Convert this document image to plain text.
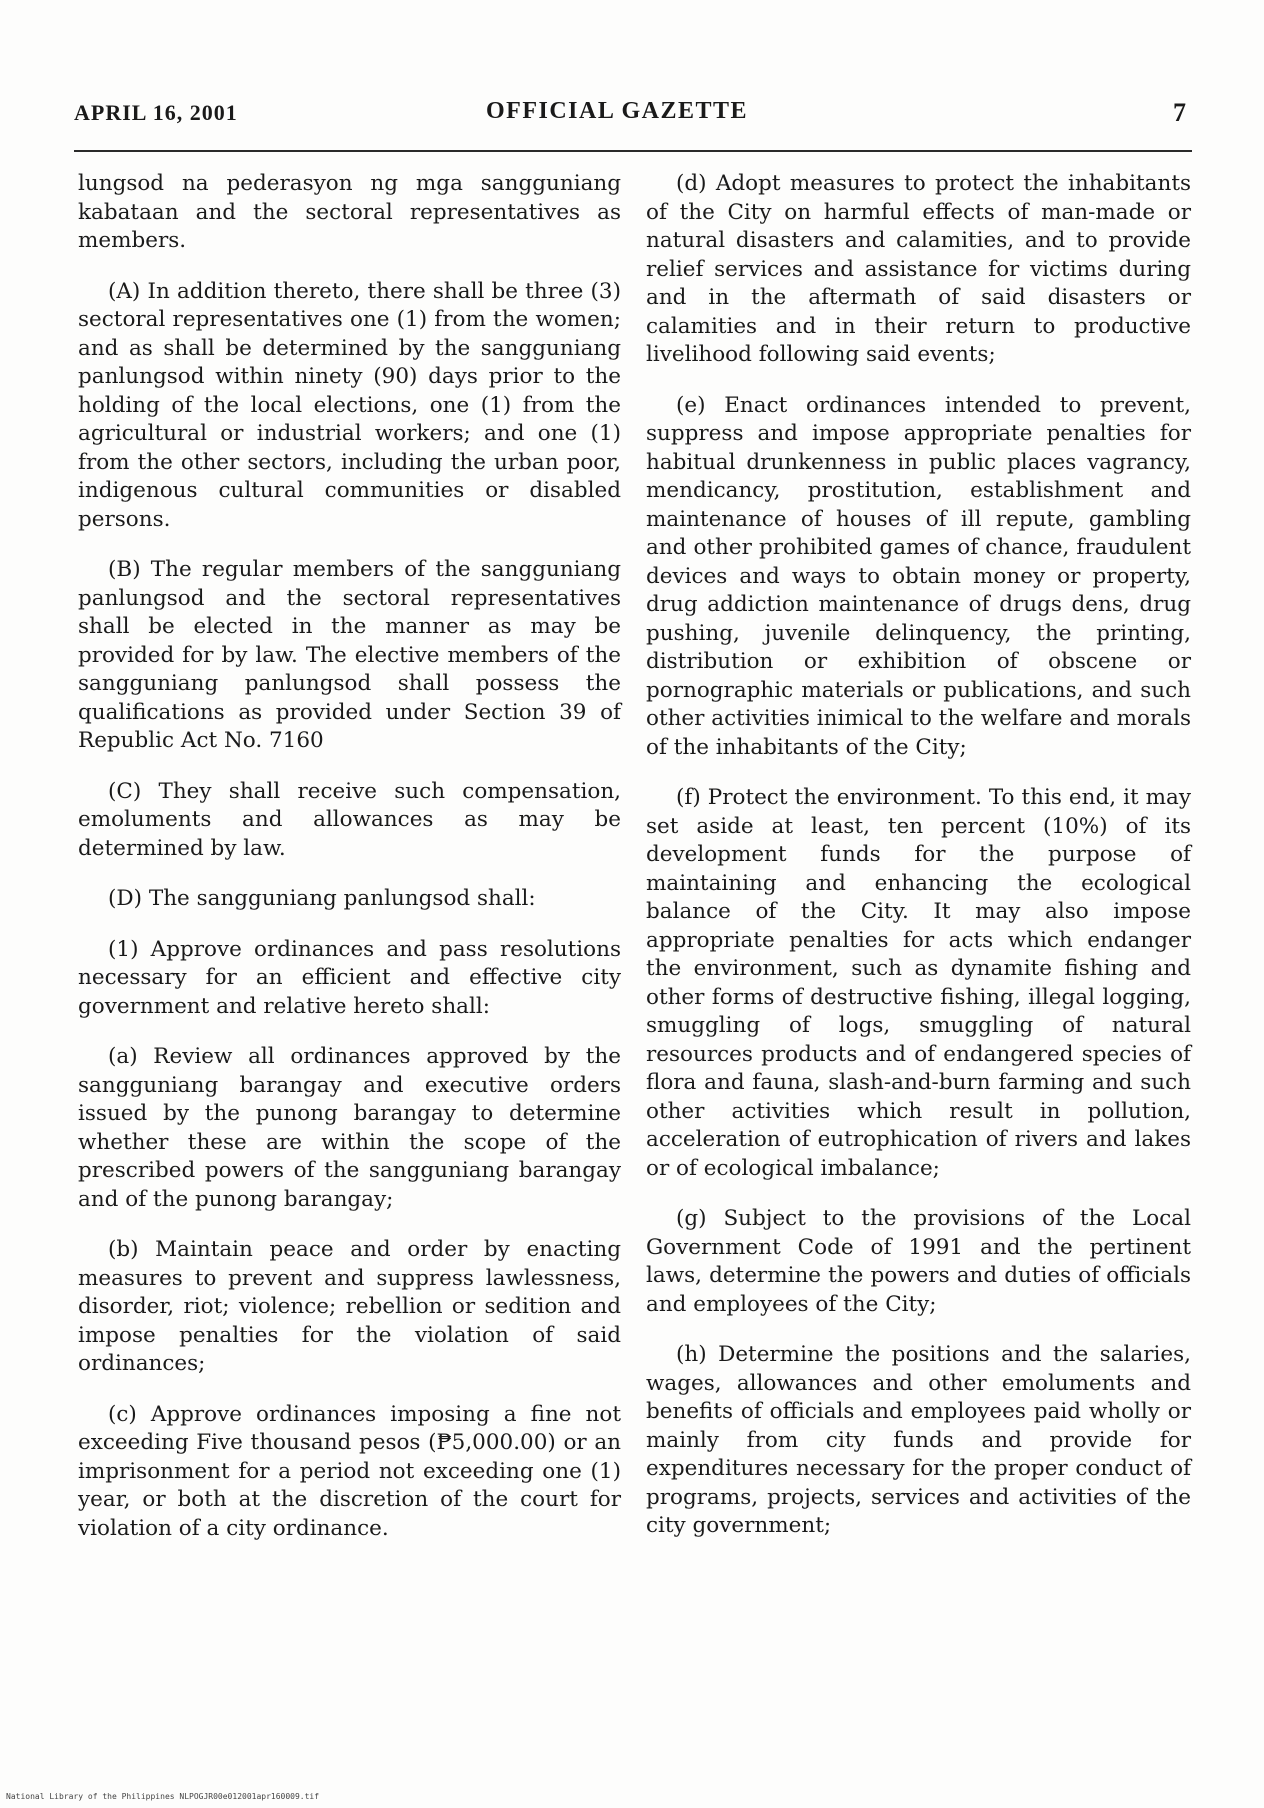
APRIL 16, 2001	OFFICIAL GAZETTE	7

lungsod na pederasyon ng mga sangguniang kabataan and the sectoral representatives as members.

(A) In addition thereto, there shall be three (3) sectoral representatives one (1) from the women; and as shall be determined by the sangguniang panlungsod within ninety (90) days prior to the holding of the local elections, one (1) from the agricultural or industrial workers; and one (1) from the other sectors, including the urban poor, indigenous cultural communities or disabled persons.

(B) The regular members of the sangguniang panlungsod and the sectoral representatives shall be elected in the manner as may be provided for by law. The elective members of the sangguniang panlungsod shall possess the qualifications as provided under Section 39 of Republic Act No. 7160

(C) They shall receive such compensation, emoluments and allowances as may be determined by law.

(D) The sangguniang panlungsod shall:

(1) Approve ordinances and pass resolutions necessary for an efficient and effective city government and relative hereto shall:

(a) Review all ordinances approved by the sangguniang barangay and executive orders issued by the punong barangay to determine whether these are within the scope of the prescribed powers of the sangguniang barangay and of the punong barangay;

(b) Maintain peace and order by enacting measures to prevent and suppress lawlessness, disorder, riot; violence; rebellion or sedition and impose penalties for the violation of said ordinances;

(c) Approve ordinances imposing a fine not exceeding Five thousand pesos (₱5,000.00) or an imprisonment for a period not exceeding one (1) year, or both at the discretion of the court for violation of a city ordinance.

(d) Adopt measures to protect the inhabitants of the City on harmful effects of man-made or natural disasters and calamities, and to provide relief services and assistance for victims during and in the aftermath of said disasters or calamities and in their return to productive livelihood following said events;

(e) Enact ordinances intended to prevent, suppress and impose appropriate penalties for habitual drunkenness in public places vagrancy, mendicancy, prostitution, establishment and maintenance of houses of ill repute, gambling and other prohibited games of chance, fraudulent devices and ways to obtain money or property, drug addiction maintenance of drugs dens, drug pushing, juvenile delinquency, the printing, distribution or exhibition of obscene or pornographic materials or publications, and such other activities inimical to the welfare and morals of the inhabitants of the City;

(f) Protect the environment. To this end, it may set aside at least, ten percent (10%) of its development funds for the purpose of maintaining and enhancing the ecological balance of the City. It may also impose appropriate penalties for acts which endanger the environment, such as dynamite fishing and other forms of destructive fishing, illegal logging, smuggling of logs, smuggling of natural resources products and of endangered species of flora and fauna, slash-and-burn farming and such other activities which result in pollution, acceleration of eutrophication of rivers and lakes or of ecological imbalance;

(g) Subject to the provisions of the Local Government Code of 1991 and the pertinent laws, determine the powers and duties of officials and employees of the City;

(h) Determine the positions and the salaries, wages, allowances and other emoluments and benefits of officials and employees paid wholly or mainly from city funds and provide for expenditures necessary for the proper conduct of programs, projects, services and activities of the city government;

National Library of the Philippines NLPOGJR00e012001apr160009.tif
